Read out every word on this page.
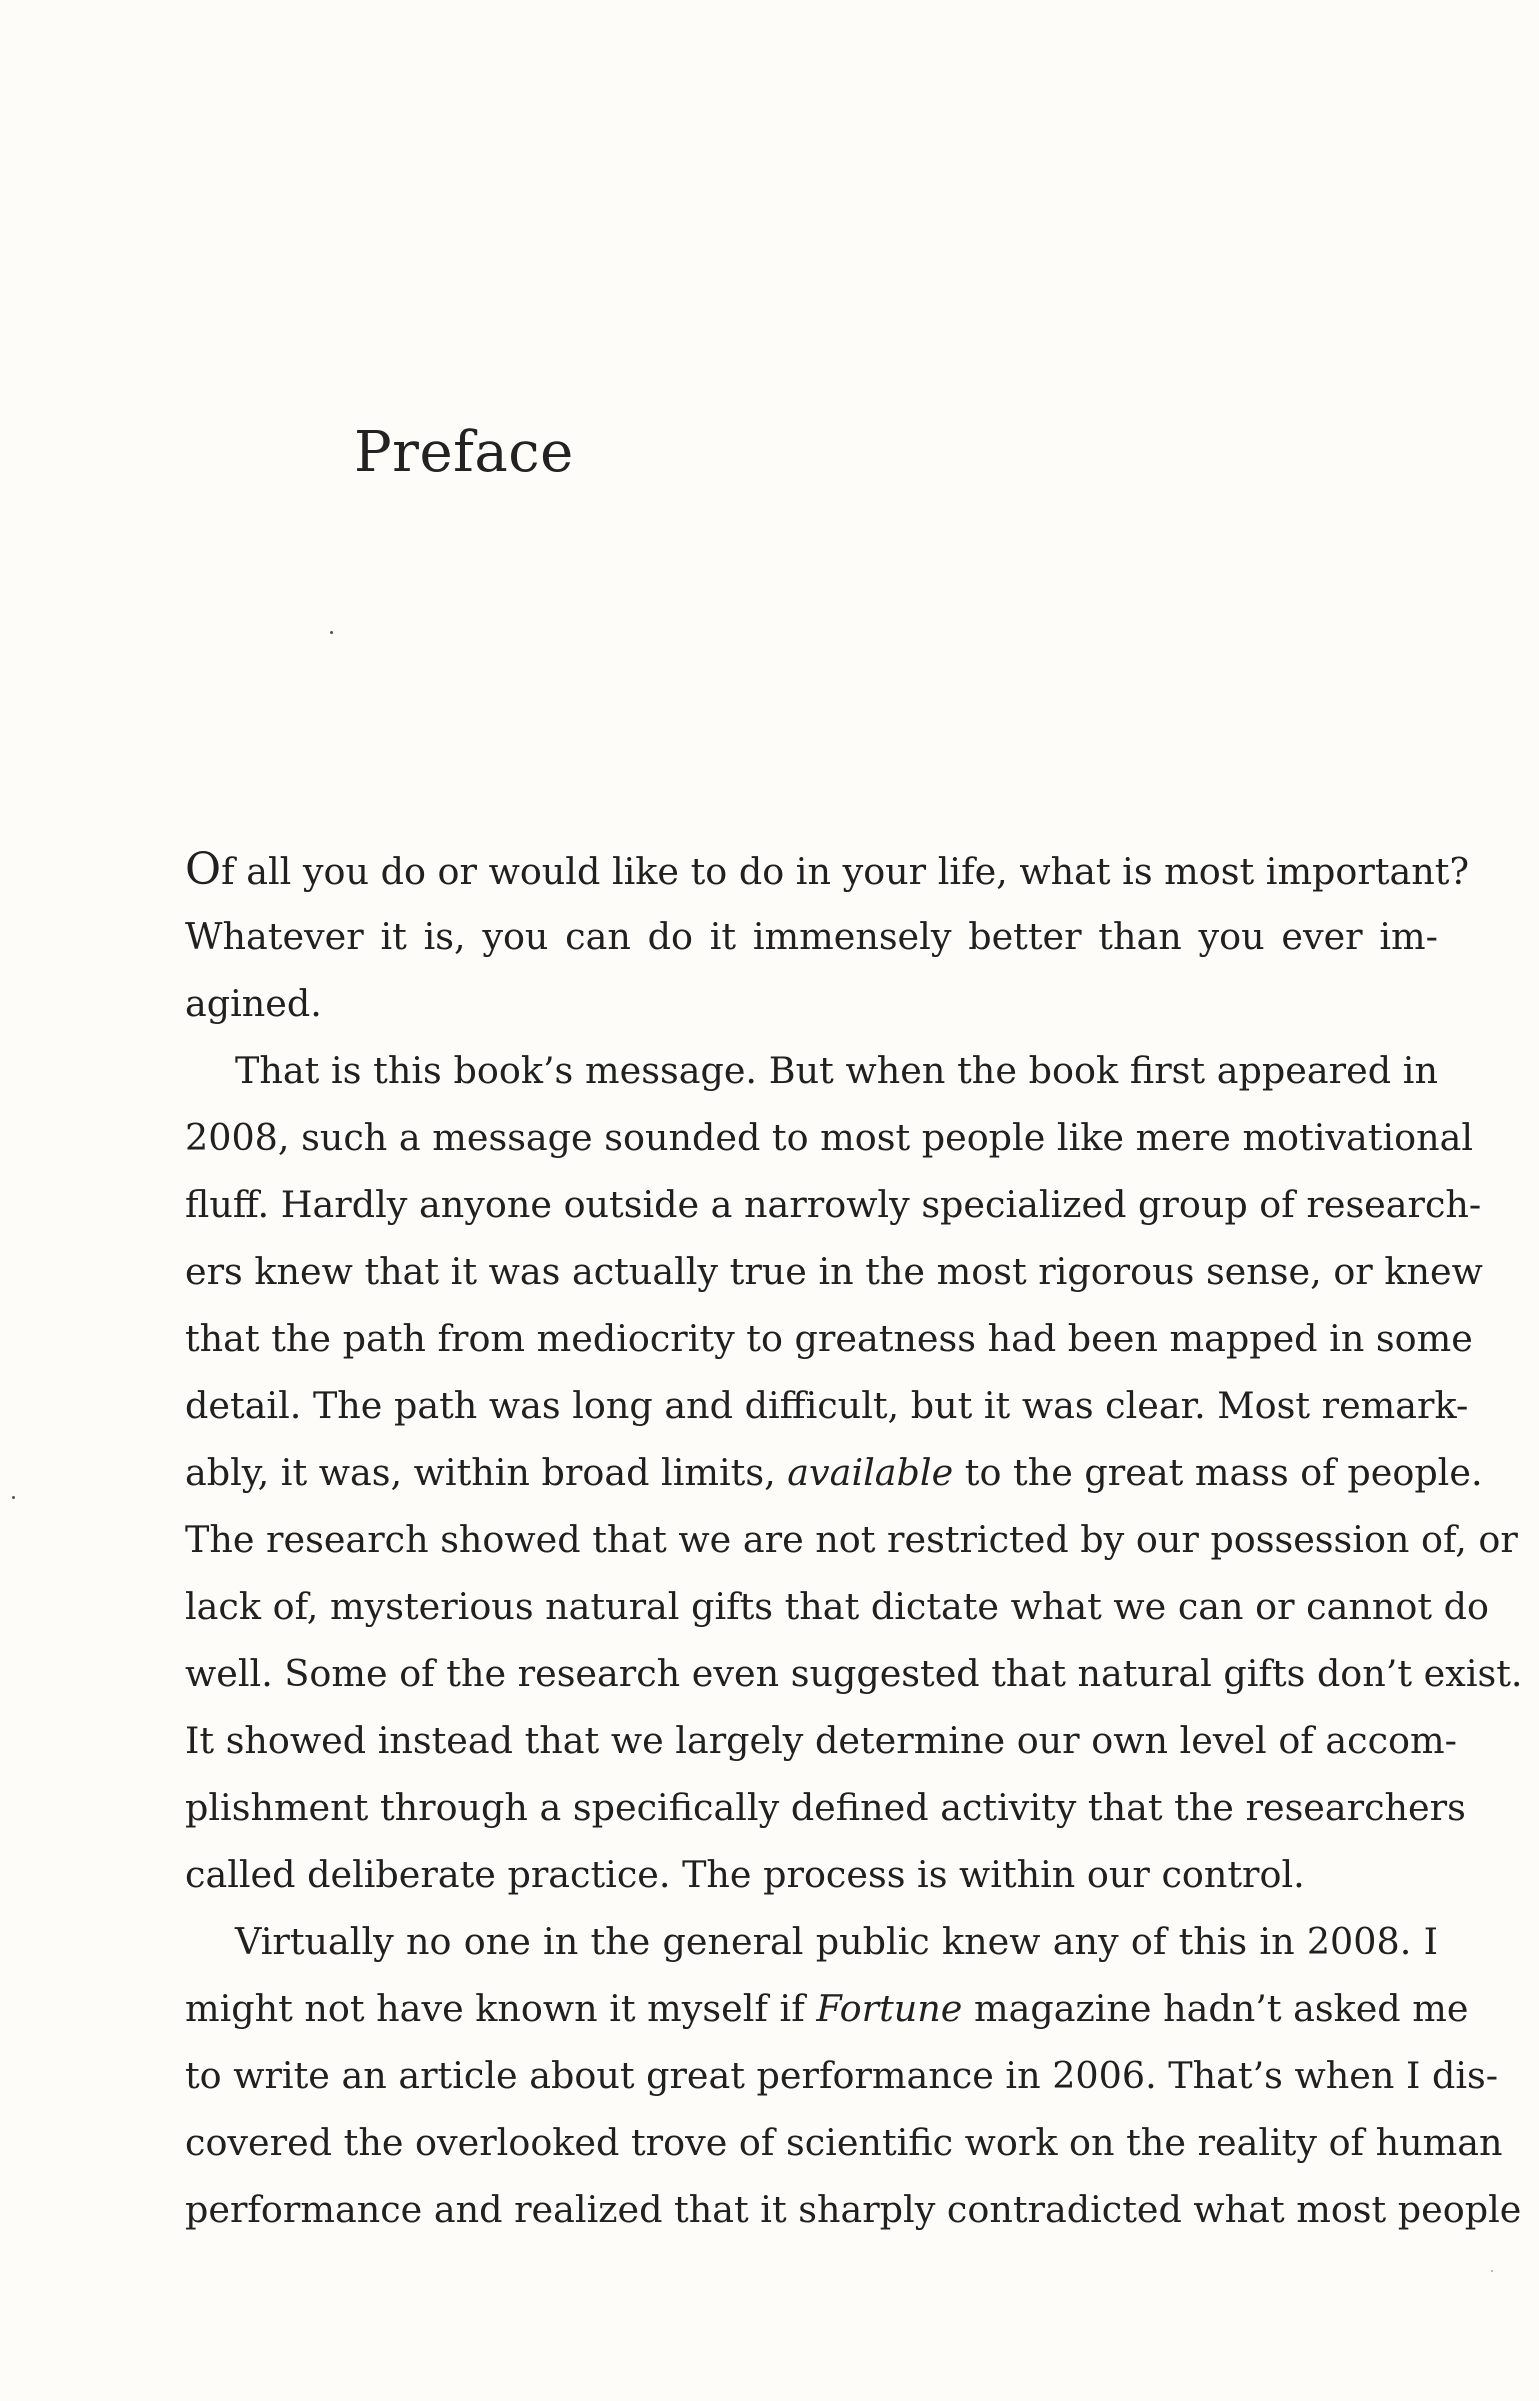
Preface
Of all you do or would like to do in your life, what is most important?
Whatever it is, you can do it immensely better than you ever im-
agined.
That is this book’s message. But when the book first appeared in
2008, such a message sounded to most people like mere motivational
fluff. Hardly anyone outside a narrowly specialized group of research-
ers knew that it was actually true in the most rigorous sense, or knew
that the path from mediocrity to greatness had been mapped in some
detail. The path was long and difficult, but it was clear. Most remark-
ably, it was, within broad limits, available to the great mass of people.
The research showed that we are not restricted by our possession of, or
lack of, mysterious natural gifts that dictate what we can or cannot do
well. Some of the research even suggested that natural gifts don’t exist.
It showed instead that we largely determine our own level of accom-
plishment through a specifically defined activity that the researchers
called deliberate practice. The process is within our control.
Virtually no one in the general public knew any of this in 2008. I
might not have known it myself if Fortune magazine hadn’t asked me
to write an article about great performance in 2006. That’s when I dis-
covered the overlooked trove of scientific work on the reality of human
performance and realized that it sharply contradicted what most people
